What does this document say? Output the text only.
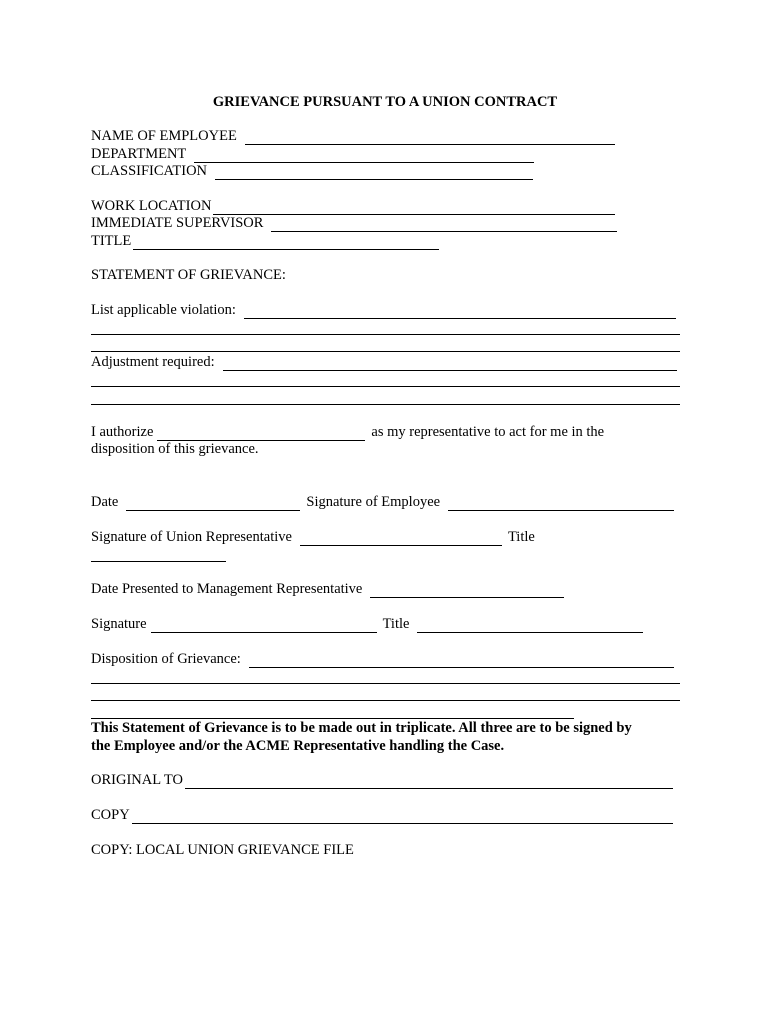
GRIEVANCE PURSUANT TO A UNION CONTRACT
NAME OF EMPLOYEE
DEPARTMENT
CLASSIFICATION
WORK LOCATION
IMMEDIATE SUPERVISOR
TITLE
STATEMENT OF GRIEVANCE:
List applicable violation:
Adjustment required:
I authorize	as my representative to act for me in the
disposition of this grievance.
Date	Signature of Employee
Signature of Union Representative	Title
Date Presented to Management Representative
Signature	Title
Disposition of Grievance:
This Statement of Grievance is to be made out in triplicate. All three are to be signed by
the Employee and/or the ACME Representative handling the Case.
ORIGINAL TO
COPY
COPY: LOCAL UNION GRIEVANCE FILE
